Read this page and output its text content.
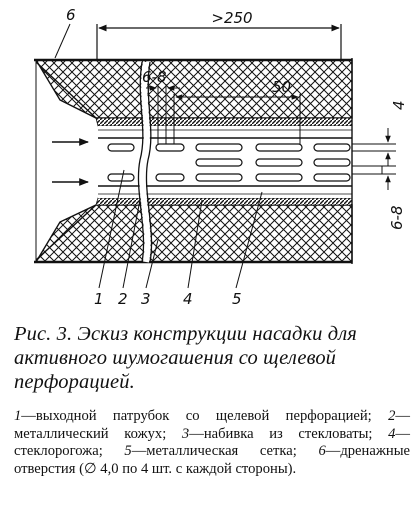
>250
6
50
6-8
4
6-8
1 2 3 4	5

Рис. 3. Эскиз конструкции насадки для активного шумогашения со щелевой перфорацией.

1—выходной патрубок со щелевой перфорацией; 2—металлический кожух; 3—набивка из стекловаты; 4—стеклорогожа; 5—металлическая сетка; 6—дренажные отверстия (∅ 4,0 по 4 шт. с каждой стороны).
